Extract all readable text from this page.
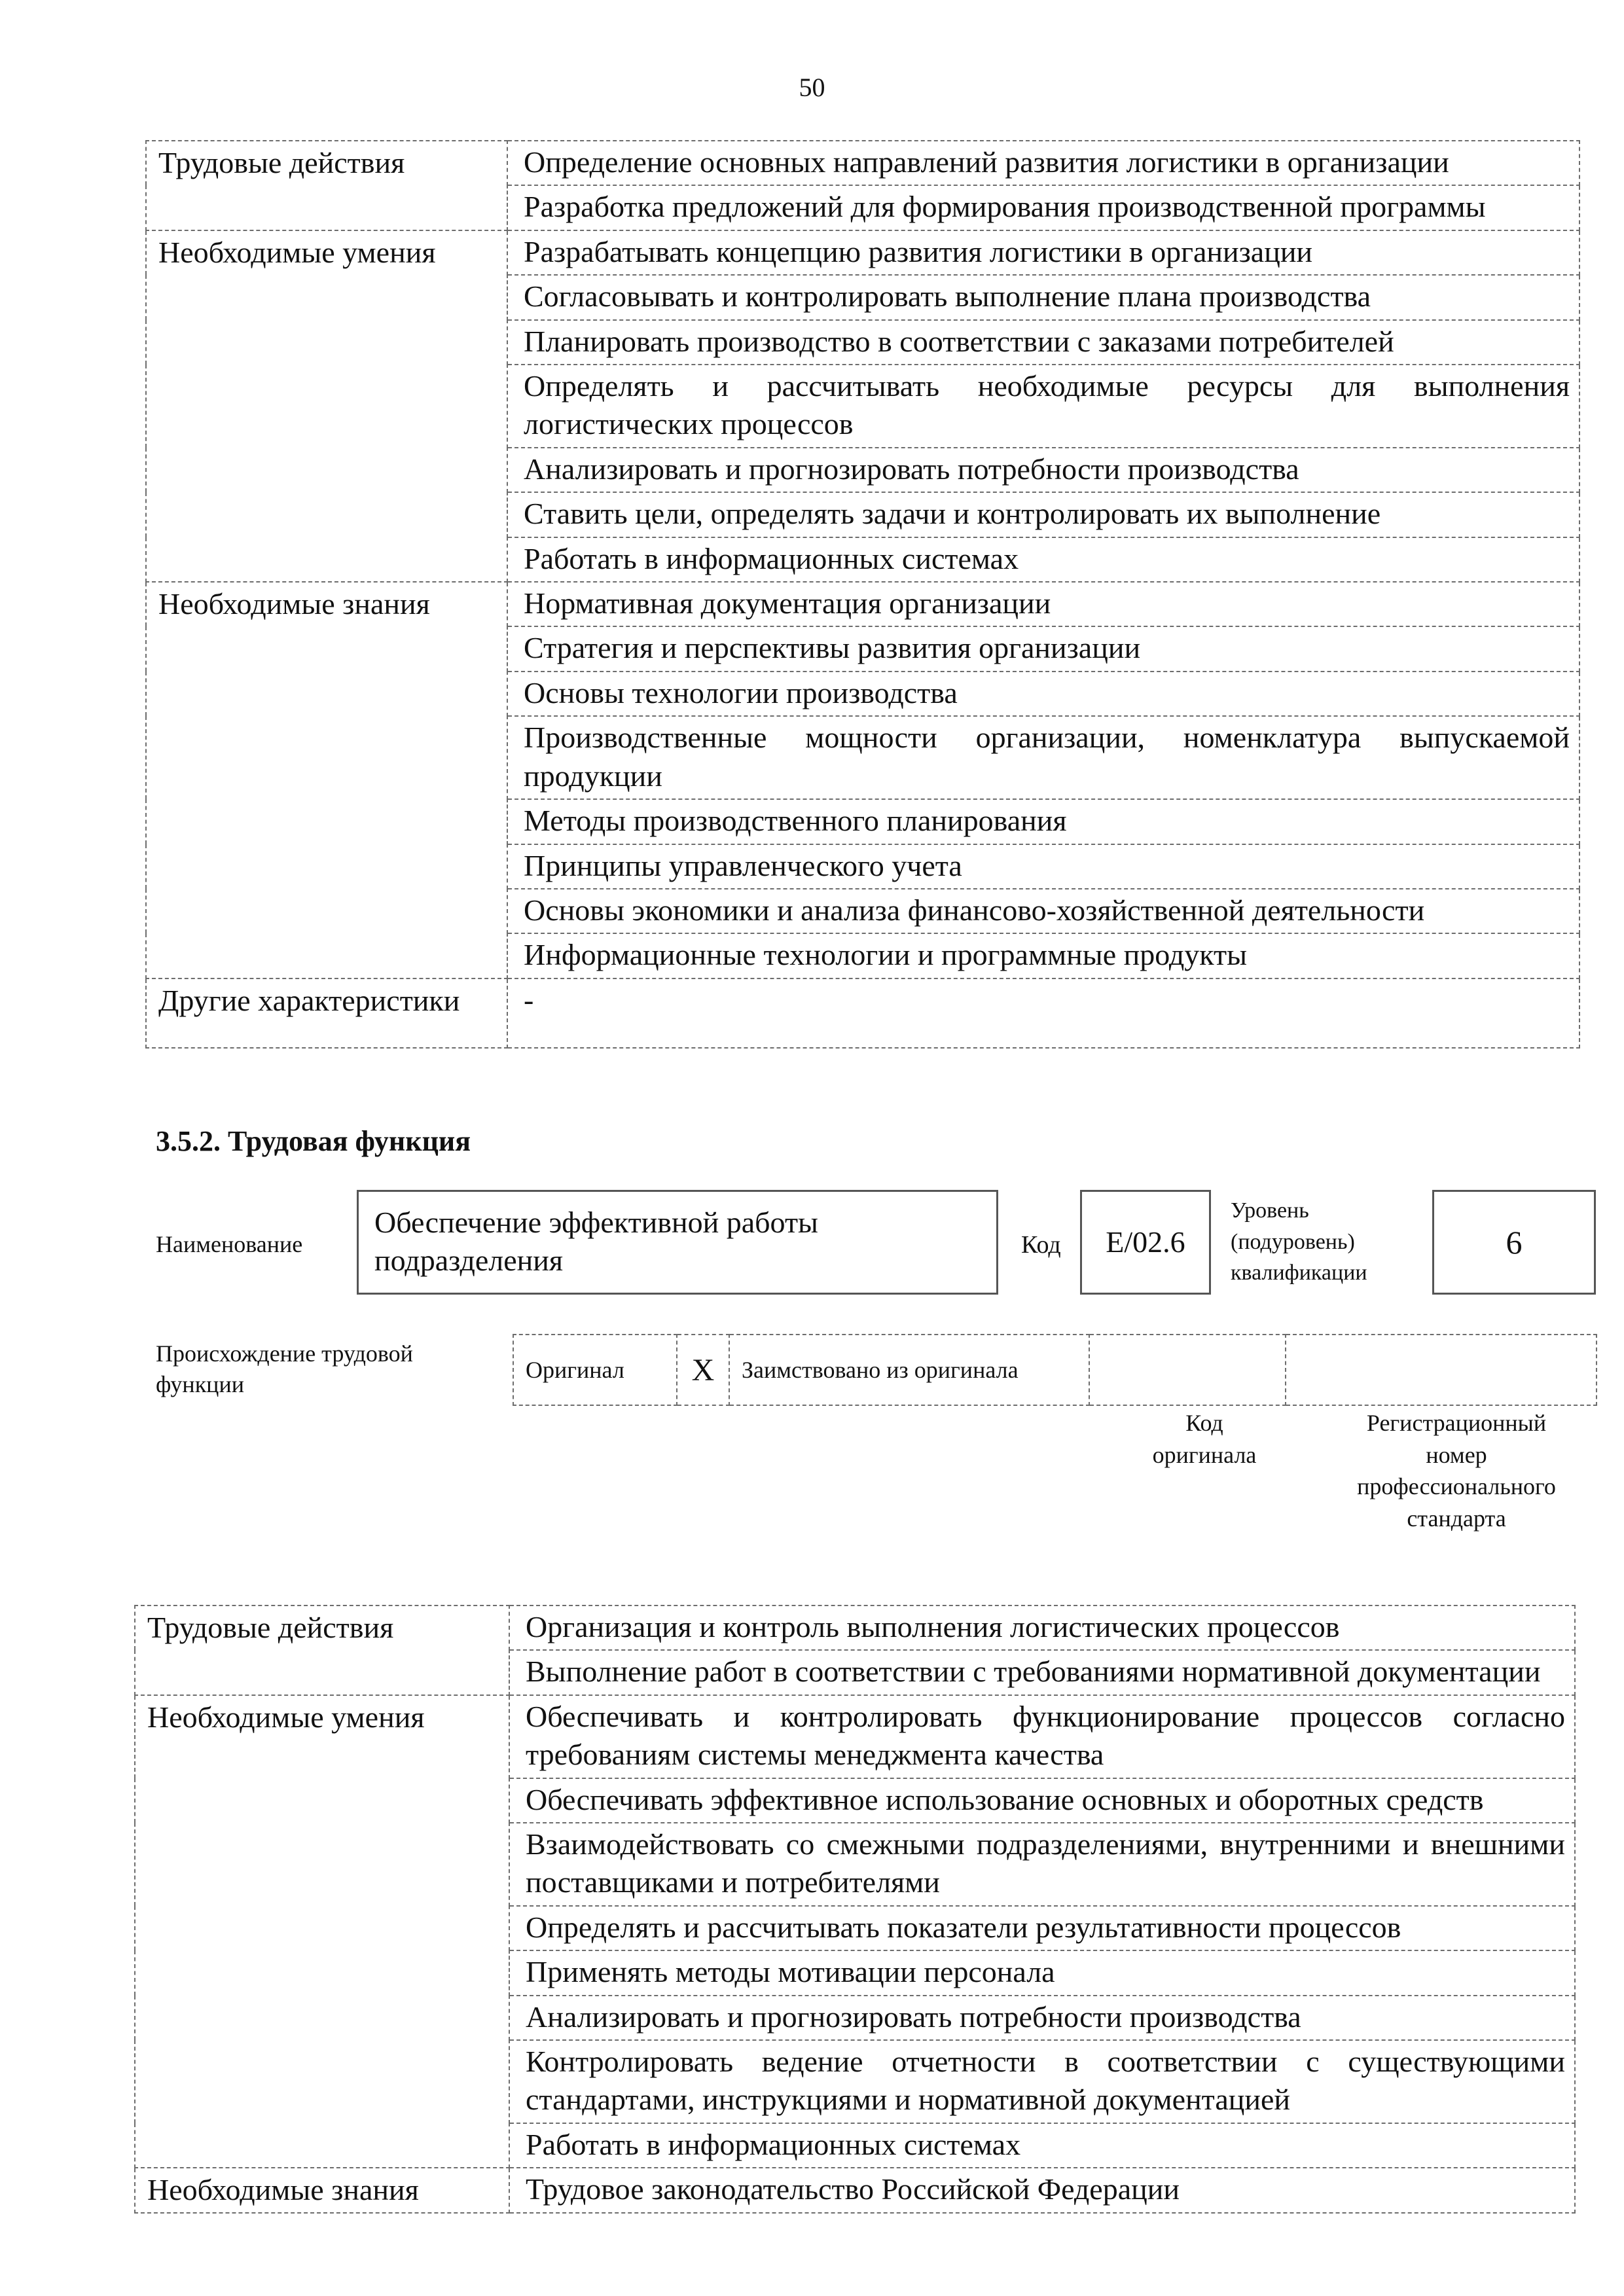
50
Трудовые действия	Определение основных направлений развития логистики в организации
	Разработка предложений для формирования производственной программы
Необходимые умения	Разрабатывать концепцию развития логистики в организации
	Согласовывать и контролировать выполнение плана производства
	Планировать производство в соответствии с заказами потребителей
	Определять и рассчитывать необходимые ресурсы для выполнения логистических процессов
	Анализировать и прогнозировать потребности производства
	Ставить цели, определять задачи и контролировать их выполнение
	Работать в информационных системах
Необходимые знания	Нормативная документация организации
	Стратегия и перспективы развития организации
	Основы технологии производства
	Производственные мощности организации, номенклатура выпускаемой продукции
	Методы производственного планирования
	Принципы управленческого учета
	Основы экономики и анализа финансово-хозяйственной деятельности
	Информационные технологии и программные продукты
Другие характеристики	-
3.5.2. Трудовая функция
Наименование
Обеспечение эффективной работы подразделения	Код	E/02.6
Уровень
(подуровень)
квалификации
6
Происхождение трудовой
функции
Оригинал	X	Заимствовано из оригинала		
Код
оригинала
Регистрационный
номер
профессионального
стандарта
Трудовые действия	Организация и контроль выполнения логистических процессов
	Выполнение работ в соответствии с требованиями нормативной документации
Необходимые умения	Обеспечивать и контролировать функционирование процессов согласно требованиям системы менеджмента качества
	Обеспечивать эффективное использование основных и оборотных средств
	Взаимодействовать со смежными подразделениями, внутренними и внешними поставщиками и потребителями
	Определять и рассчитывать показатели результативности процессов
	Применять методы мотивации персонала
	Анализировать и прогнозировать потребности производства
	Контролировать ведение отчетности в соответствии с существующими стандартами, инструкциями и нормативной документацией
	Работать в информационных системах
Необходимые знания	Трудовое законодательство Российской Федерации
